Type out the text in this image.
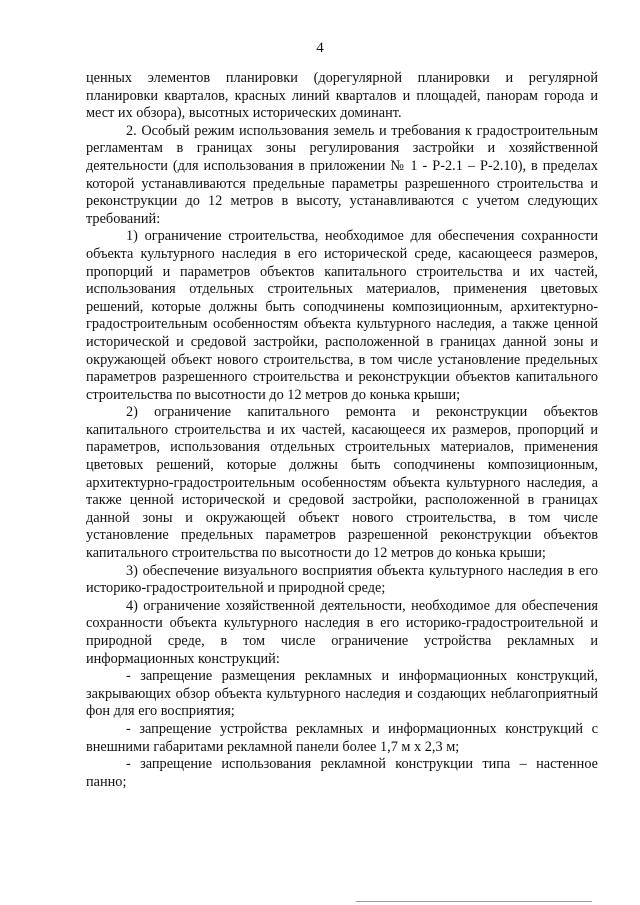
4

ценных элементов планировки (дорегулярной планировки и регулярной планировки кварталов, красных линий кварталов и площадей, панорам города и мест их обзора), высотных исторических доминант.

2. Особый режим использования земель и требования к градостроительным регламентам в границах зоны регулирования застройки и хозяйственной деятельности (для использования в приложении № 1 - Р-2.1 – Р-2.10), в пределах которой устанавливаются предельные параметры разрешенного строительства и реконструкции до 12 метров в высоту, устанавливаются с учетом следующих требований:

1) ограничение строительства, необходимое для обеспечения сохранности объекта культурного наследия в его исторической среде, касающееся размеров, пропорций и параметров объектов капитального строительства и их частей, использования отдельных строительных материалов, применения цветовых решений, которые должны быть соподчинены композиционным, архитектурно-градостроительным особенностям объекта культурного наследия, а также ценной исторической и средовой застройки, расположенной в границах данной зоны и окружающей объект нового строительства, в том числе установление предельных параметров разрешенного строительства и реконструкции объектов капитального строительства по высотности до 12 метров до конька крыши;

2) ограничение капитального ремонта и реконструкции объектов капитального строительства и их частей, касающееся их размеров, пропорций и параметров, использования отдельных строительных материалов, применения цветовых решений, которые должны быть соподчинены композиционным, архитектурно-градостроительным особенностям объекта культурного наследия, а также ценной исторической и средовой застройки, расположенной в границах данной зоны и окружающей объект нового строительства, в том числе установление предельных параметров разрешенной реконструкции объектов капитального строительства по высотности до 12 метров до конька крыши;

3) обеспечение визуального восприятия объекта культурного наследия в его историко-градостроительной и природной среде;

4) ограничение хозяйственной деятельности, необходимое для обеспечения сохранности объекта культурного наследия в его историко-градостроительной и природной среде, в том числе ограничение устройства рекламных и информационных конструкций:

- запрещение размещения рекламных и информационных конструкций, закрывающих обзор объекта культурного наследия и создающих неблагоприятный фон для его восприятия;

- запрещение устройства рекламных и информационных конструкций с внешними габаритами рекламной панели более 1,7 м х 2,3 м;

- запрещение использования рекламной конструкции типа – настенное панно;
